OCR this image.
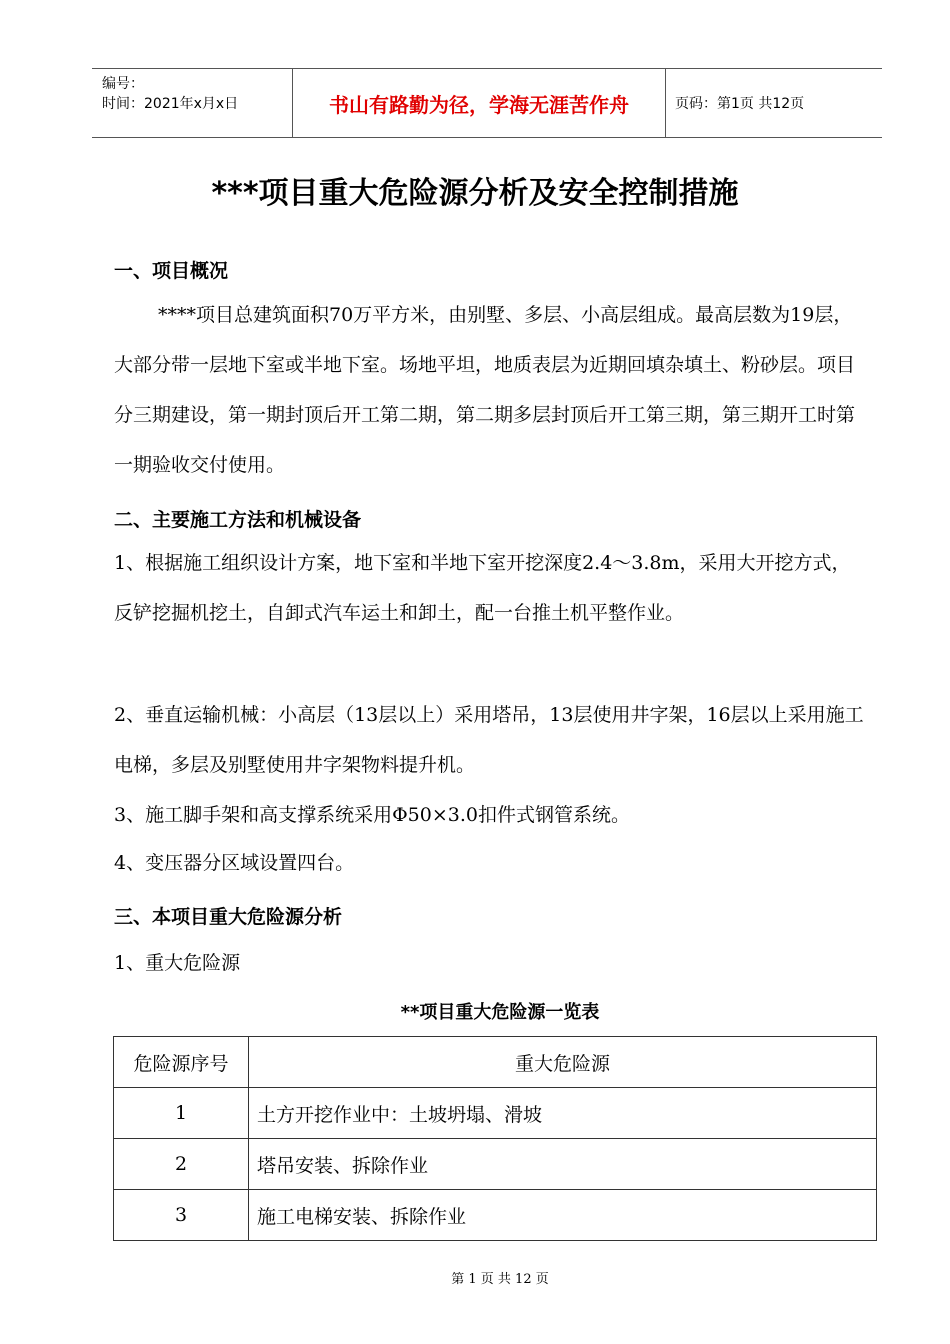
编号：
时间：2021年x月x日	书山有路勤为径，学海无涯苦作舟	页码：第1页 共12页
***项目重大危险源分析及安全控制措施
一、项目概况
****项目总建筑面积70万平方米，由别墅、多层、小高层组成。最高层数为19层，大部分带一层地下室或半地下室。场地平坦，地质表层为近期回填杂填土、粉砂层。项目分三期建设，第一期封顶后开工第二期，第二期多层封顶后开工第三期，第三期开工时第一期验收交付使用。
二、主要施工方法和机械设备
1、根据施工组织设计方案，地下室和半地下室开挖深度2.4～3.8m，采用大开挖方式，反铲挖掘机挖土，自卸式汽车运土和卸土，配一台推土机平整作业。
2、垂直运输机械：小高层（13层以上）采用塔吊，13层使用井字架，16层以上采用施工电梯，多层及别墅使用井字架物料提升机。
3、施工脚手架和高支撑系统采用Φ50×3.0扣件式钢管系统。
4、变压器分区域设置四台。
三、本项目重大危险源分析
1、重大危险源
**项目重大危险源一览表
危险源序号	重大危险源
1	土方开挖作业中：土坡坍塌、滑坡
2	塔吊安装、拆除作业
3	施工电梯安装、拆除作业
第 1 页 共 12 页
